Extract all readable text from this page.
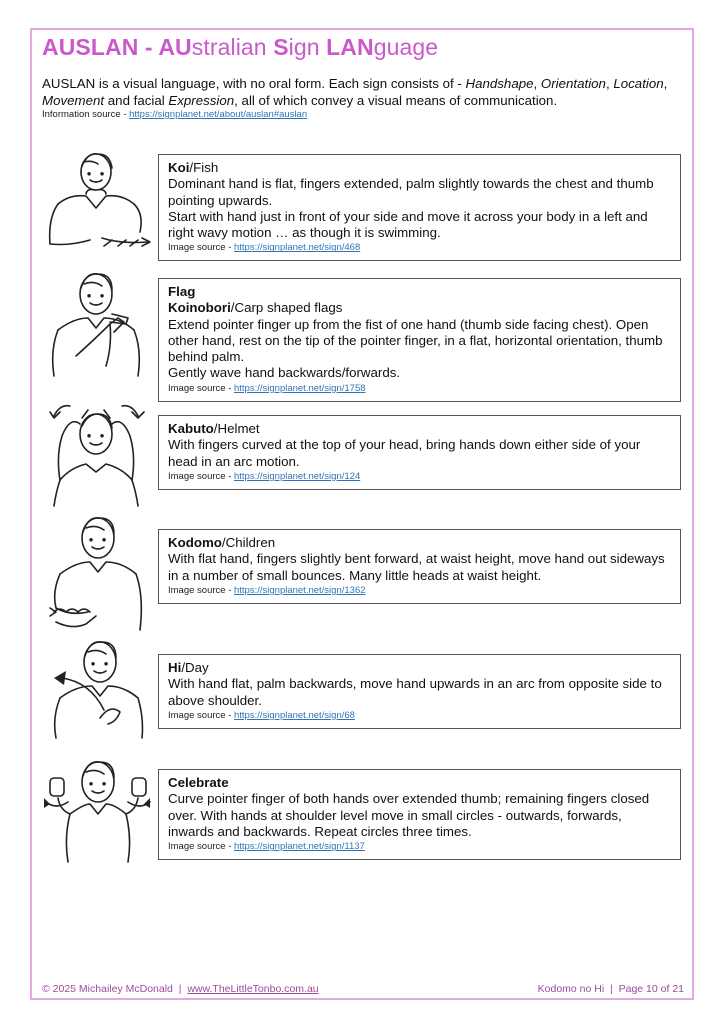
AUSLAN - AUstralian Sign LANguage
AUSLAN is a visual language, with no oral form. Each sign consists of - Handshape, Orientation, Location, Movement and facial Expression, all of which convey a visual means of communication.
Information source - https://signplanet.net/about/auslan#auslan
Koi/Fish
Dominant hand is flat, fingers extended, palm slightly towards the chest and thumb pointing upwards.
Start with hand just in front of your side and move it across your body in a left and right wavy motion … as though it is swimming.
Image source - https://signplanet.net/sign/468
Flag
Koinobori/Carp shaped flags
Extend pointer finger up from the fist of one hand (thumb side facing chest). Open other hand, rest on the tip of the pointer finger, in a flat, horizontal orientation, thumb behind palm.
Gently wave hand backwards/forwards.
Image source - https://signplanet.net/sign/1758
Kabuto/Helmet
With fingers curved at the top of your head, bring hands down either side of your head in an arc motion.
Image source - https://signplanet.net/sign/124
Kodomo/Children
With flat hand, fingers slightly bent forward, at waist height, move hand out sideways in a number of small bounces. Many little heads at waist height.
Image source - https://signplanet.net/sign/1362
Hi/Day
With hand flat, palm backwards, move hand upwards in an arc from opposite side to above shoulder.
Image source - https://signplanet.net/sign/68
Celebrate
Curve pointer finger of both hands over extended thumb; remaining fingers closed over. With hands at shoulder level move in small circles - outwards, forwards, inwards and backwards. Repeat circles three times.
Image source - https://signplanet.net/sign/1137
© 2025 Michailey McDonald | www.TheLittleTonbo.com.au	Kodomo no Hi | Page 10 of 21
